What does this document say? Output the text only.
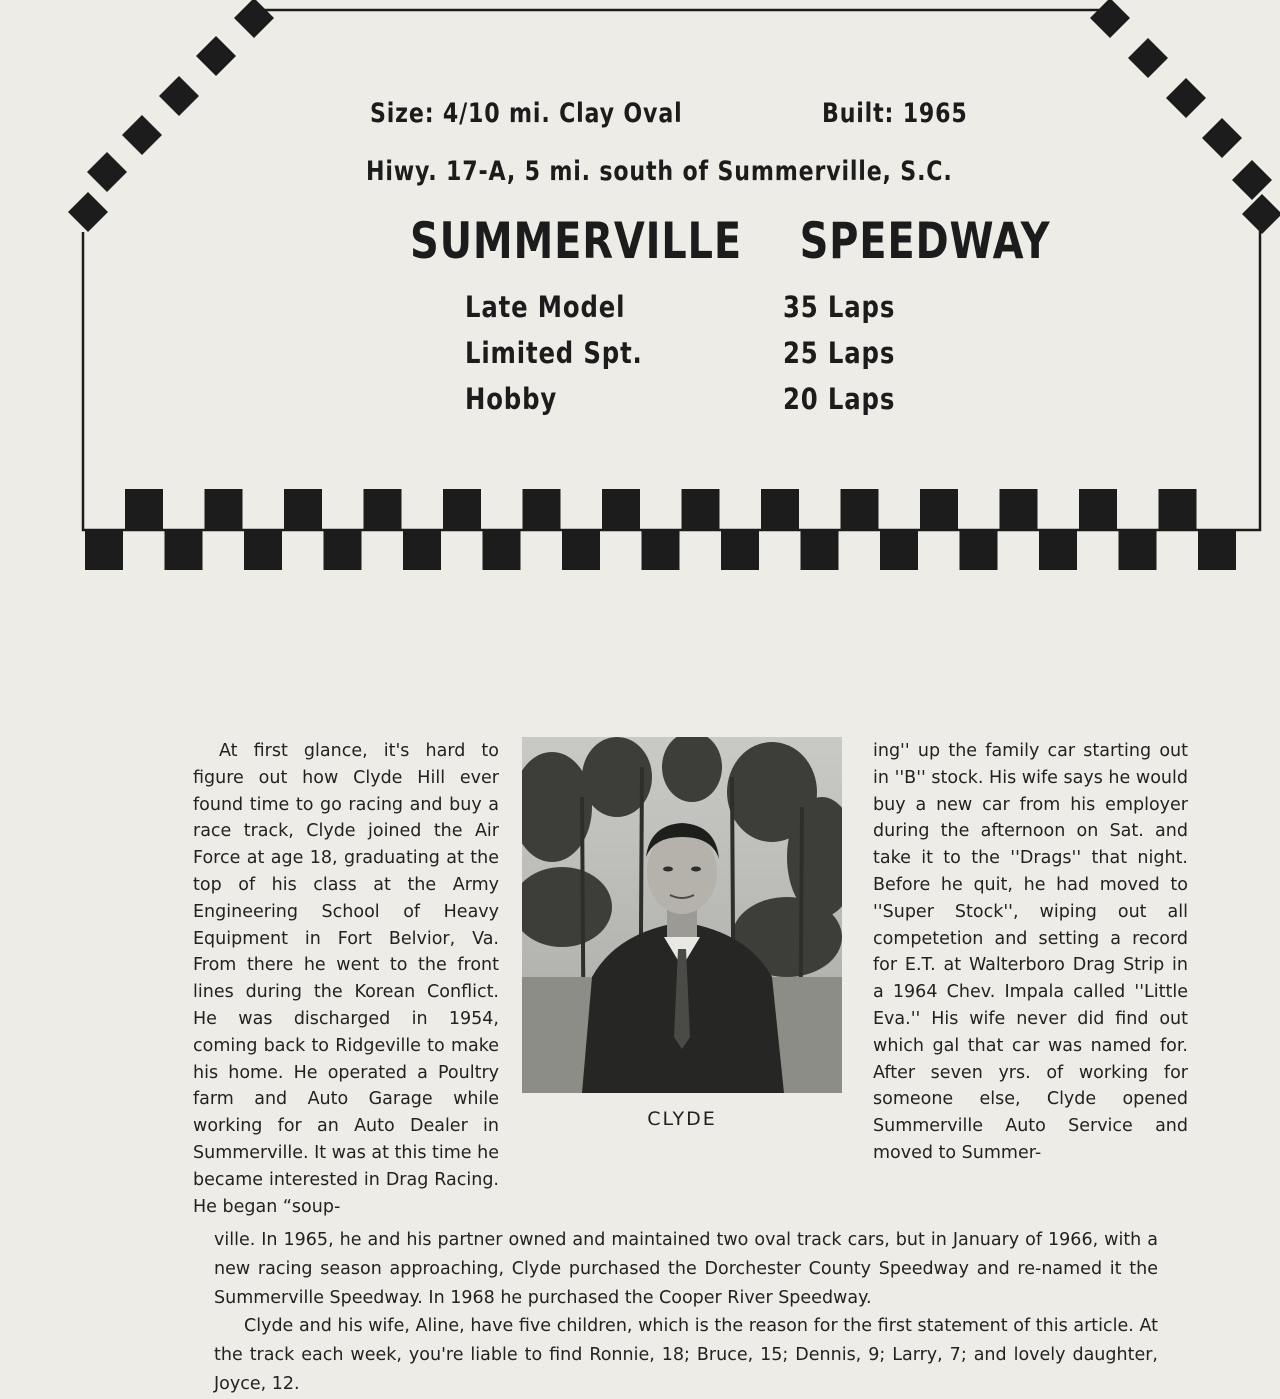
Size: 4/10 mi. Clay Oval	Built: 1965
Hiwy. 17-A, 5 mi. south of Summerville, S.C.
SUMMERVILLE SPEEDWAY
Late Model	35 Laps
Limited Spt.	25 Laps
Hobby	20 Laps

At first glance, it's hard to figure out how Clyde Hill ever found time to go racing and buy a race track, Clyde joined the Air Force at age 18, graduating at the top of his class at the Army Engineering School of Heavy Equipment in Fort Belvior, Va. From there he went to the front lines during the Korean Conflict. He was discharged in 1954, coming back to Ridgeville to make his home. He operated a Poultry farm and Auto Garage while working for an Auto Dealer in Summerville. It was at this time he became interested in Drag Racing. He began “soup-

CLYDE

ing'' up the family car starting out in ''B'' stock. His wife says he would buy a new car from his employer during the afternoon on Sat. and take it to the ''Drags'' that night. Before he quit, he had moved to ''Super Stock'', wiping out all competetion and setting a record for E.T. at Walterboro Drag Strip in a 1964 Chev. Impala called ''Little Eva.'' His wife never did find out which gal that car was named for. After seven yrs. of working for someone else, Clyde opened Summerville Auto Service and moved to Summer-

ville. In 1965, he and his partner owned and maintained two oval track cars, but in January of 1966, with a new racing season approaching, Clyde purchased the Dorchester County Speedway and re-named it the Summerville Speedway. In 1968 he purchased the Cooper River Speedway.

Clyde and his wife, Aline, have five children, which is the reason for the first statement of this article. At the track each week, you're liable to find Ronnie, 18; Bruce, 15; Dennis, 9; Larry, 7; and lovely daughter, Joyce, 12.
